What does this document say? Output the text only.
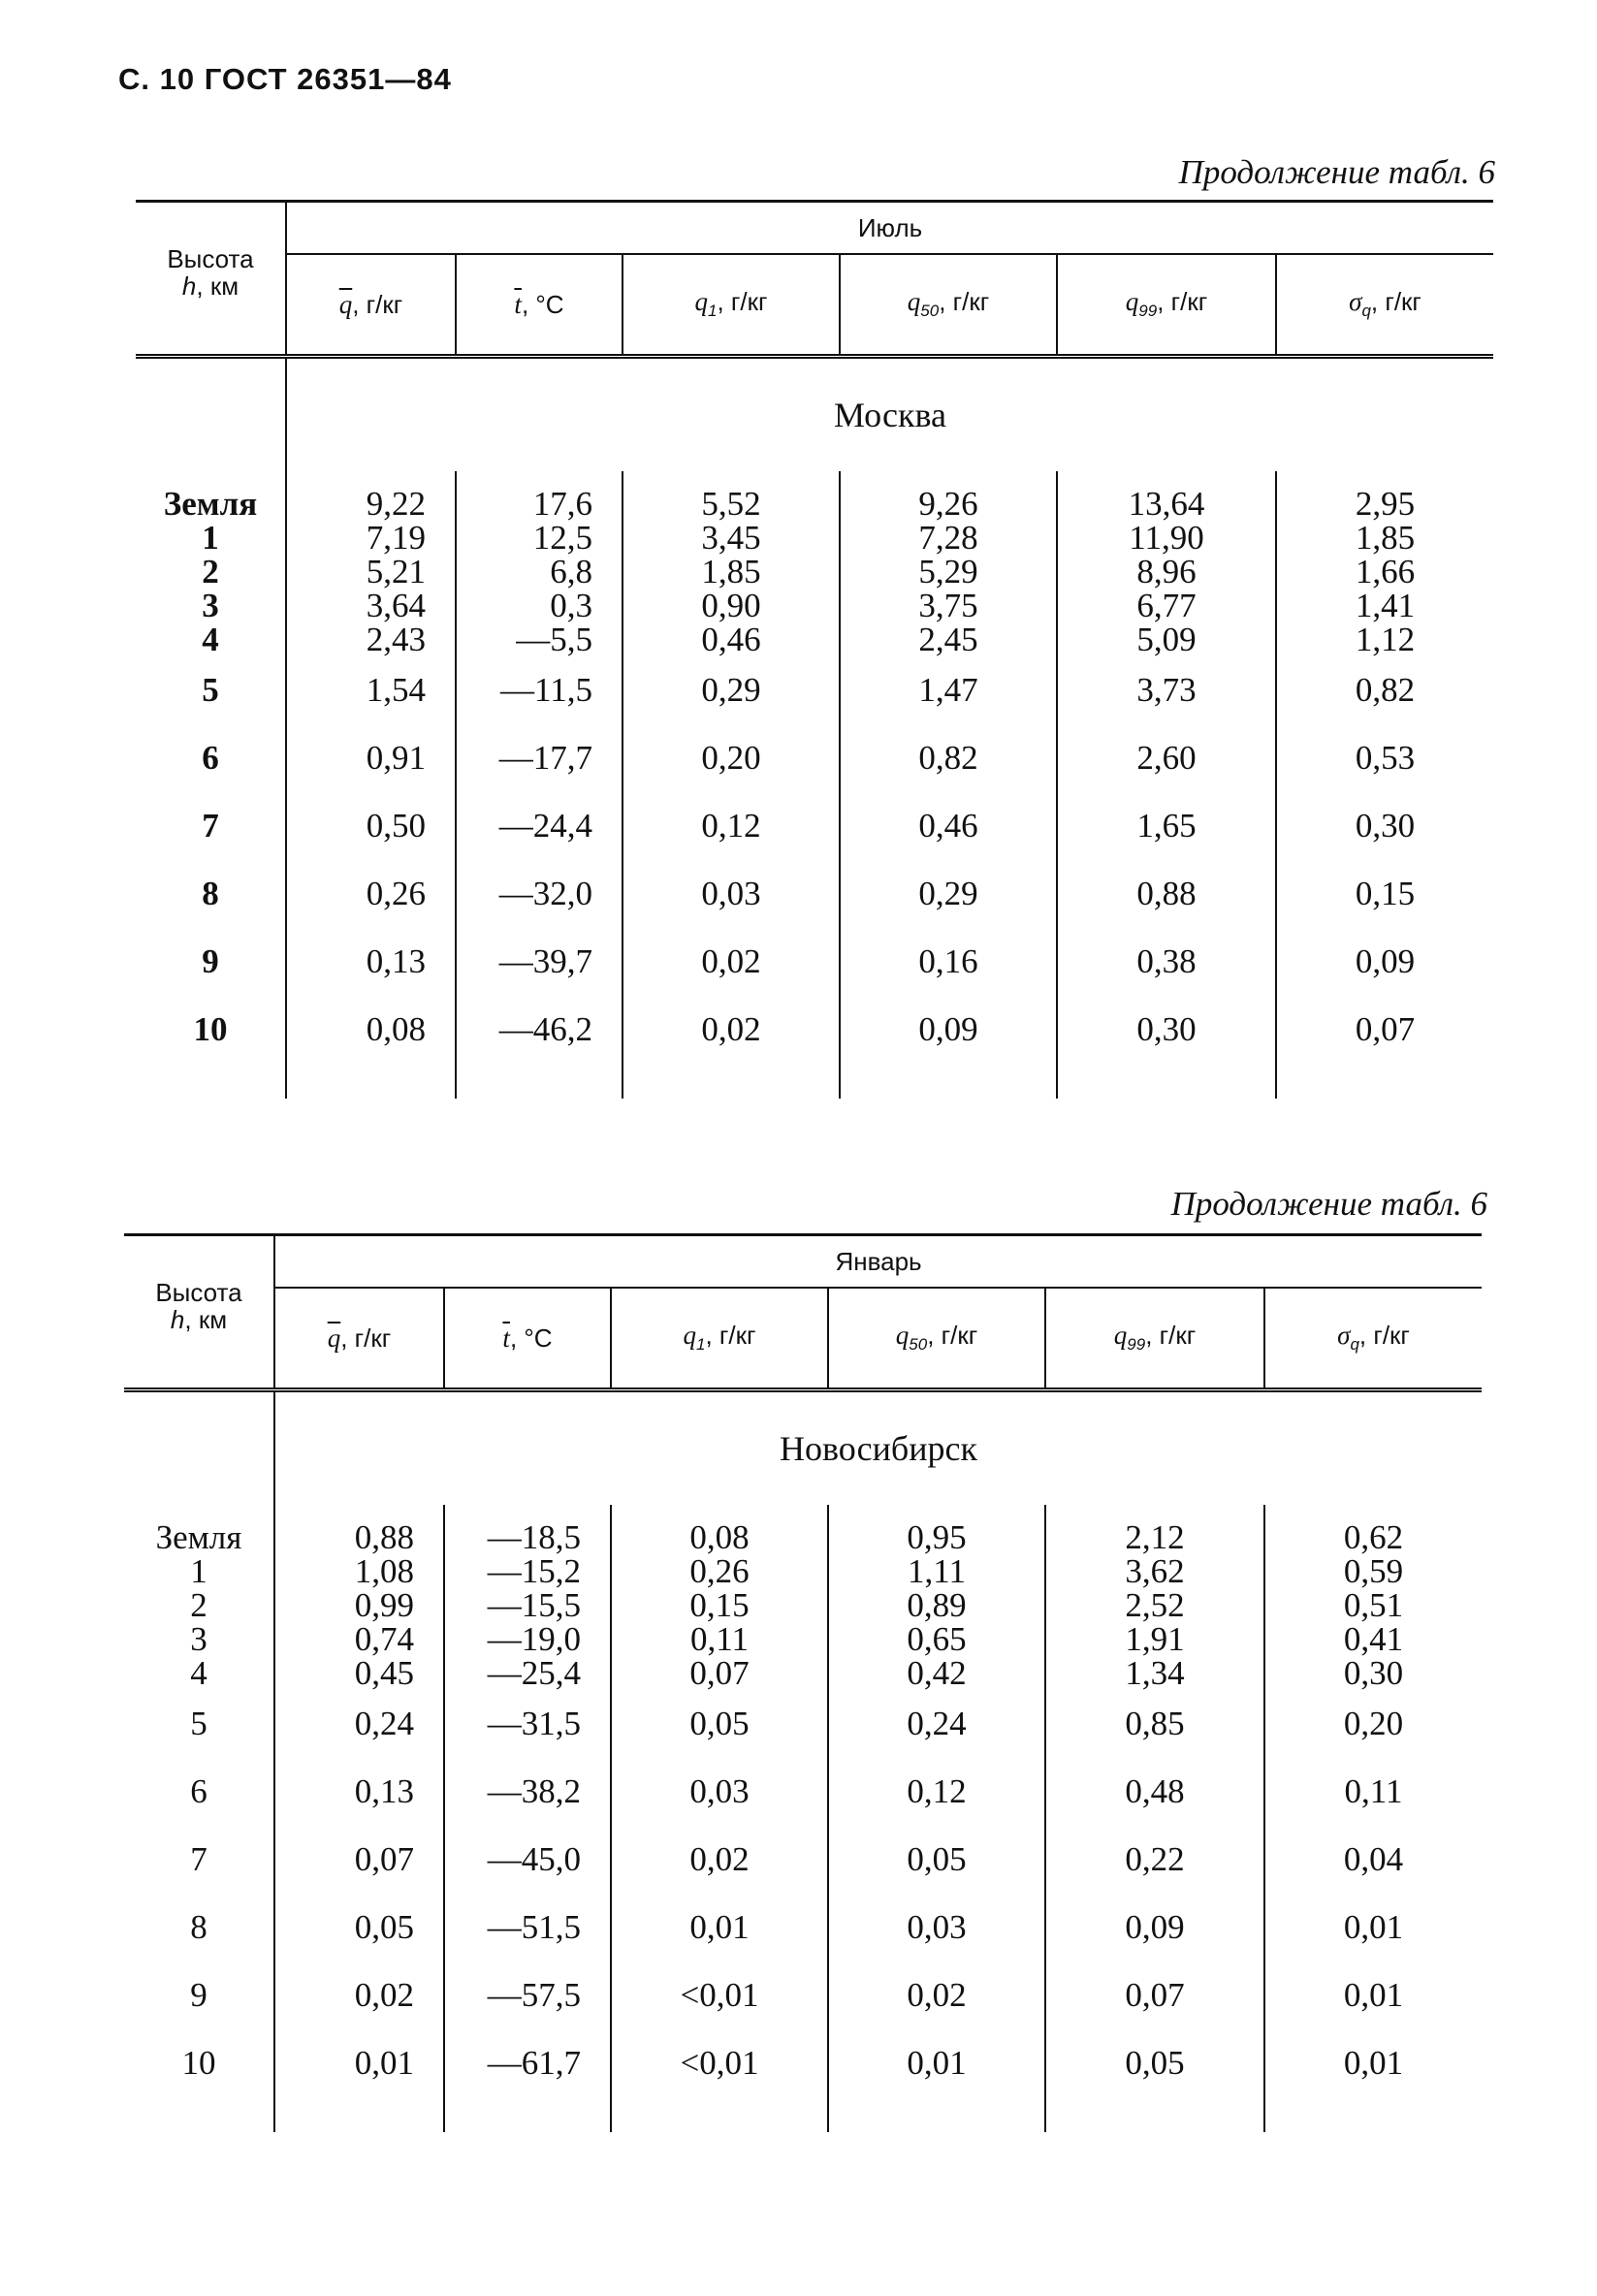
С. 10 ГОСТ 26351—84
Продолжение табл. 6
Высота
h, км	Июль					
	$\overline{q}$, г/кг	$\overline{t}$, °С	$q_1$, г/кг	$q_{50}$, г/кг	$q_{99}$, г/кг	$\sigma_q$, г/кг
	Москва					
Земля	9,22	17,6	5,52	9,26	13,64	2,95
1	7,19	12,5	3,45	7,28	11,90	1,85
2	5,21	6,8	1,85	5,29	8,96	1,66
3	3,64	0,3	0,90	3,75	6,77	1,41
4	2,43	—5,5	0,46	2,45	5,09	1,12
5	1,54	—11,5	0,29	1,47	3,73	0,82
6	0,91	—17,7	0,20	0,82	2,60	0,53
7	0,50	—24,4	0,12	0,46	1,65	0,30
8	0,26	—32,0	0,03	0,29	0,88	0,15
9	0,13	—39,7	0,02	0,16	0,38	0,09
10	0,08	—46,2	0,02	0,09	0,30	0,07

Продолжение табл. 6
Высота
h, км	Январь					
	$\overline{q}$, г/кг	$\overline{t}$, °С	$q_1$, г/кг	$q_{50}$, г/кг	$q_{99}$, г/кг	$\sigma_q$, г/кг
	Новосибирск					
Земля	0,88	—18,5	0,08	0,95	2,12	0,62
1	1,08	—15,2	0,26	1,11	3,62	0,59
2	0,99	—15,5	0,15	0,89	2,52	0,51
3	0,74	—19,0	0,11	0,65	1,91	0,41
4	0,45	—25,4	0,07	0,42	1,34	0,30
5	0,24	—31,5	0,05	0,24	0,85	0,20
6	0,13	—38,2	0,03	0,12	0,48	0,11
7	0,07	—45,0	0,02	0,05	0,22	0,04
8	0,05	—51,5	0,01	0,03	0,09	0,01
9	0,02	—57,5	<0,01	0,02	0,07	0,01
10	0,01	—61,7	<0,01	0,01	0,05	0,01
